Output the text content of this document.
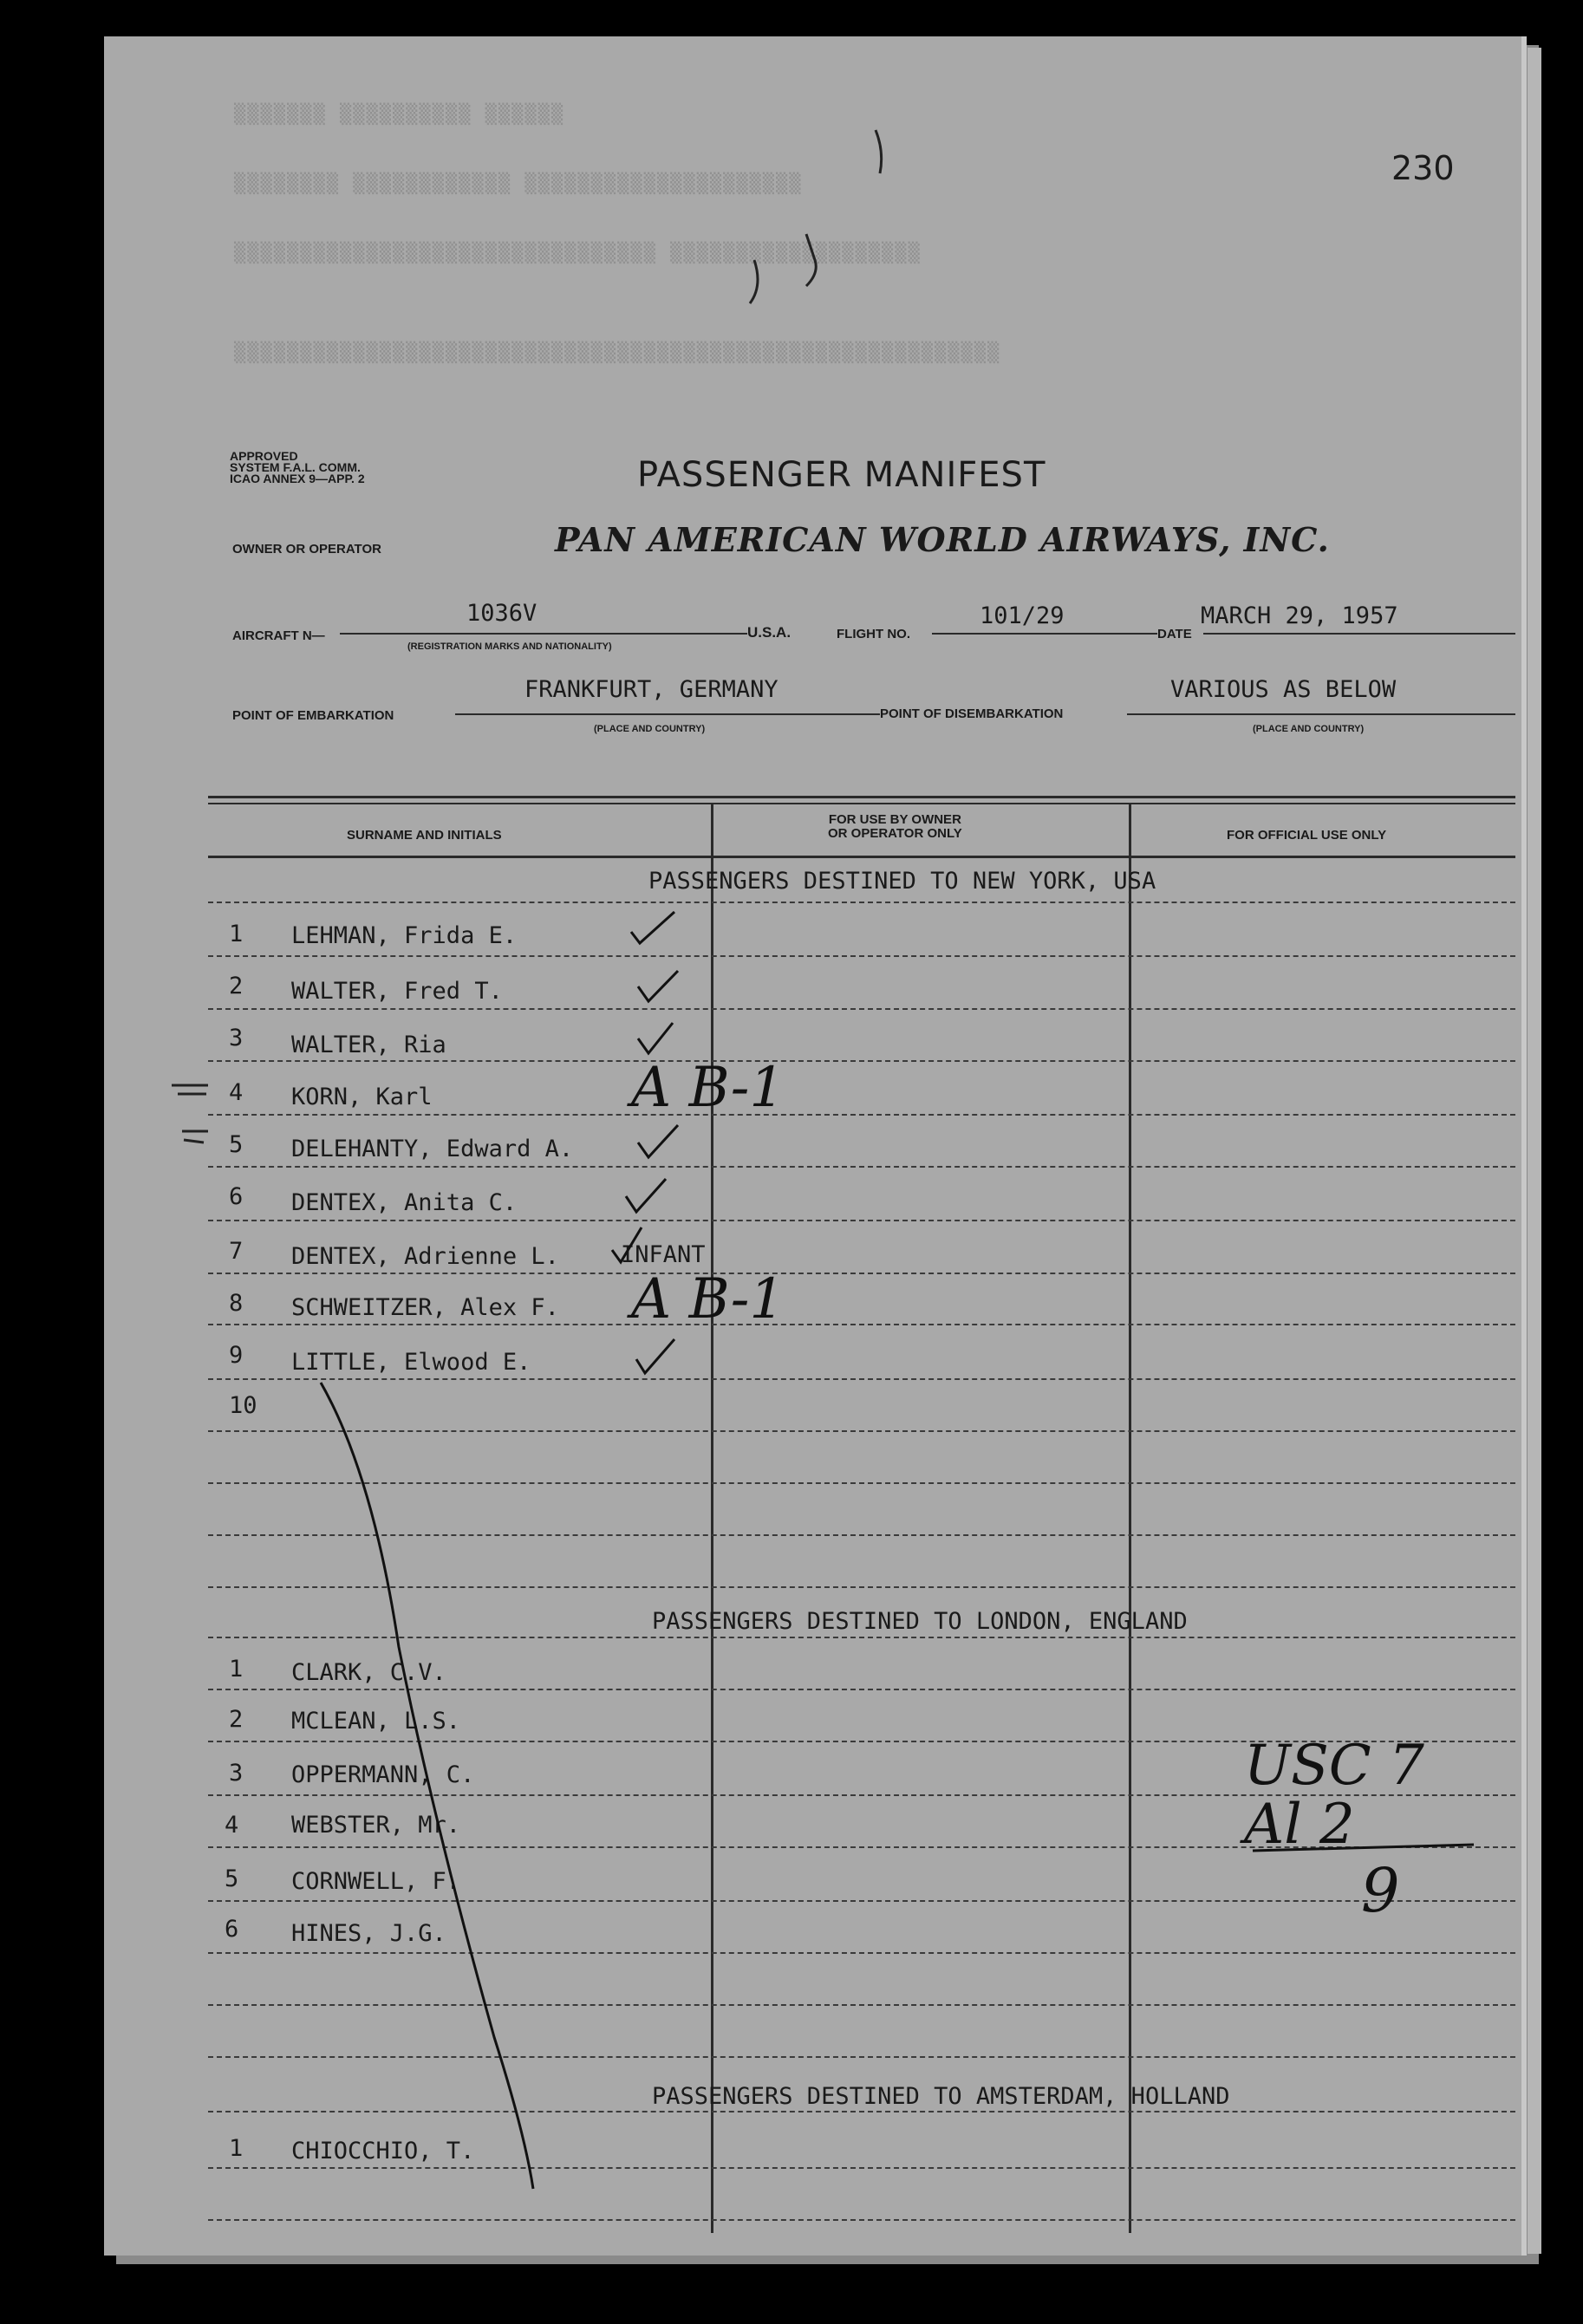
▒▒▒▒▒▒▒ ▒▒▒▒▒▒▒▒▒▒ ▒▒▒▒▒▒
▒▒▒▒▒▒▒▒ ▒▒▒▒▒▒▒▒▒▒▒▒ ▒▒▒▒▒▒▒▒▒▒▒▒▒▒▒▒▒▒▒▒▒
▒▒▒▒▒▒▒▒▒▒▒▒▒▒▒▒▒▒▒▒▒▒▒▒▒▒▒▒▒▒▒▒ ▒▒▒▒▒▒▒▒▒▒▒▒▒▒▒▒▒▒▒
▒▒▒▒▒▒▒▒▒▒▒▒▒▒▒▒▒▒▒▒▒▒▒▒▒▒▒▒▒▒▒▒▒▒▒▒▒▒▒▒▒▒▒▒▒▒▒▒▒▒▒▒▒▒▒▒▒▒
230
APPROVED
SYSTEM F.A.L. COMM.
ICAO ANNEX 9—APP. 2	PASSENGER MANIFEST
OWNER OR OPERATOR	PAN AMERICAN WORLD AIRWAYS, INC.
AIRCRAFT N—
1036V
(REGISTRATION MARKS AND NATIONALITY)
U.S.A.	FLIGHT NO.
101/29
DATE
MARCH 29, 1957
POINT OF EMBARKATION
FRANKFURT, GERMANY
(PLACE AND COUNTRY)
POINT OF DISEMBARKATION
VARIOUS AS BELOW
(PLACE AND COUNTRY)
SURNAME AND INITIALS
FOR USE BY OWNER
OR OPERATOR ONLY	FOR OFFICIAL USE ONLY
PASSENGERS DESTINED TO NEW YORK, USA
1 LEHMAN, Frida E.
2 WALTER, Fred T.
3 WALTER, Ria
4 KORN, Karl
5 DELEHANTY, Edward A.
6 DENTEX, Anita C.
7 DENTEX, Adrienne L.	INFANT
8 SCHWEITZER, Alex F.
9 LITTLE, Elwood E.
10
PASSENGERS DESTINED TO LONDON, ENGLAND
1 CLARK, C.V.
2 MCLEAN, L.S.
3 OPPERMANN, C.
4 WEBSTER, Mr.
5 CORNWELL, F.
6 HINES, J.G.
PASSENGERS DESTINED TO AMSTERDAM, HOLLAND
1 CHIOCCHIO, T.
A B-1
A B-1
USC 7
Al 2
9
